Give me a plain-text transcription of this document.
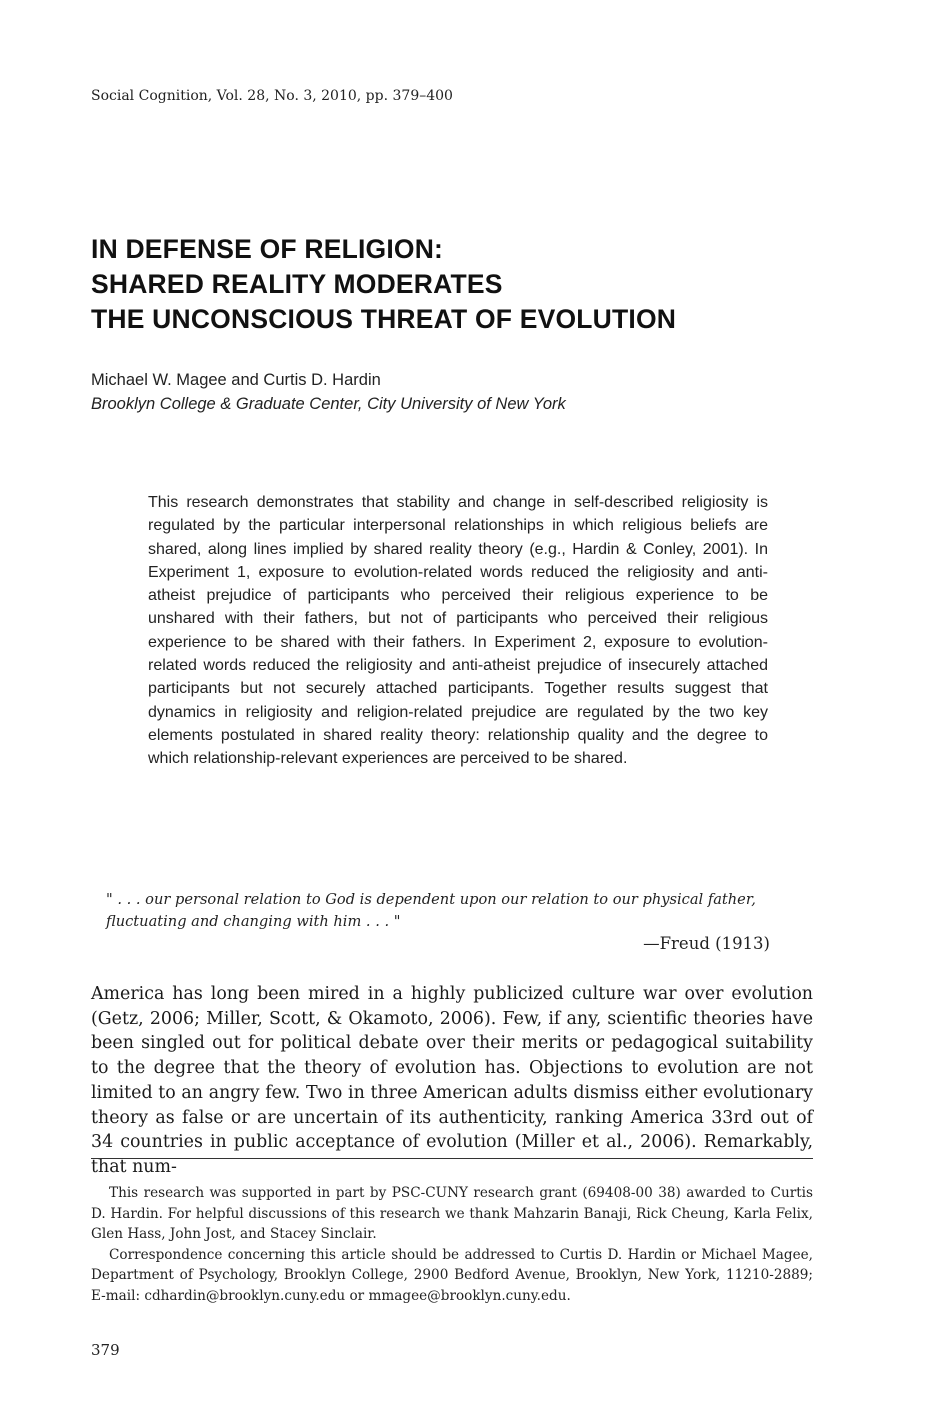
Social Cognition, Vol. 28, No. 3, 2010, pp. 379–400
IN DEFENSE OF RELIGION:
SHARED REALITY MODERATES
THE UNCONSCIOUS THREAT OF EVOLUTION
Michael W. Magee and Curtis D. Hardin
Brooklyn College & Graduate Center, City University of New York
This research demonstrates that stability and change in self-described religiosity is regulated by the particular interpersonal relationships in which religious beliefs are shared, along lines implied by shared reality theory (e.g., Hardin & Conley, 2001). In Experiment 1, exposure to evolution-related words reduced the religiosity and anti-atheist prejudice of participants who perceived their religious experience to be unshared with their fathers, but not of participants who perceived their religious experience to be shared with their fathers. In Experiment 2, exposure to evolution-related words reduced the religiosity and anti-atheist prejudice of insecurely attached participants but not securely attached participants. Together results suggest that dynamics in religiosity and religion-related prejudice are regulated by the two key elements postulated in shared reality theory: relationship quality and the degree to which relationship-relevant experiences are perceived to be shared.
" . . . our personal relation to God is dependent upon our relation to our physical father, fluctuating and changing with him . . . "
—Freud (1913)
America has long been mired in a highly publicized culture war over evolution (Getz, 2006; Miller, Scott, & Okamoto, 2006). Few, if any, scientific theories have been singled out for political debate over their merits or pedagogical suitability to the degree that the theory of evolution has. Objections to evolution are not limited to an angry few. Two in three American adults dismiss either evolutionary theory as false or are uncertain of its authenticity, ranking America 33rd out of 34 countries in public acceptance of evolution (Miller et al., 2006). Remarkably, that num-

This research was supported in part by PSC-CUNY research grant (69408-00 38) awarded to Curtis D. Hardin. For helpful discussions of this research we thank Mahzarin Banaji, Rick Cheung, Karla Felix, Glen Hass, John Jost, and Stacey Sinclair.

Correspondence concerning this article should be addressed to Curtis D. Hardin or Michael Magee, Department of Psychology, Brooklyn College, 2900 Bedford Avenue, Brooklyn, New York, 11210-2889; E-mail: cdhardin@brooklyn.cuny.edu or mmagee@brooklyn.cuny.edu.

379
